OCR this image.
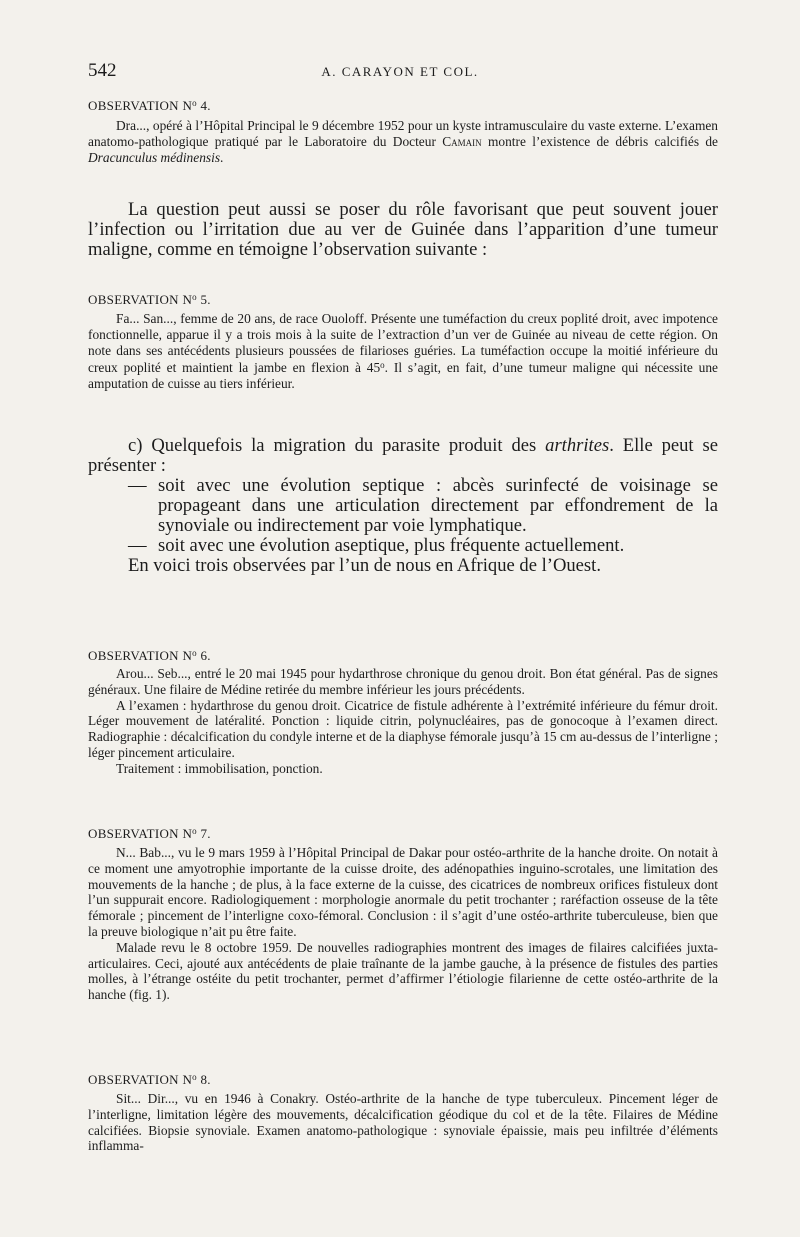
542	A. CARAYON ET COL.
OBSERVATION $N^o$ 4.
Dra..., opéré à l’Hôpital Principal le 9 décembre 1952 pour un kyste intramusculaire du vaste externe. L’examen anatomo-pathologique pratiqué par le Laboratoire du Docteur Camain montre l’existence de débris calcifiés de Dracunculus médinensis.

La question peut aussi se poser du rôle favorisant que peut souvent jouer l’infection ou l’irritation due au ver de Guinée dans l’apparition d’une tumeur maligne, comme en témoigne l’observation suivante :

OBSERVATION $N^o$ 5.
Fa... San..., femme de 20 ans, de race Ouoloff. Présente une tuméfaction du creux poplité droit, avec impotence fonctionnelle, apparue il y a trois mois à la suite de l’extraction d’un ver de Guinée au niveau de cette région. On note dans ses antécédents plusieurs poussées de filarioses guéries. La tuméfaction occupe la moitié inférieure du creux poplité et maintient la jambe en flexion à 45$^o$. Il s’agit, en fait, d’une tumeur maligne qui nécessite une amputation de cuisse au tiers inférieur.

c) Quelquefois la migration du parasite produit des arthrites. Elle peut se présenter :

— soit avec une évolution septique : abcès surinfecté de voisinage se propageant dans une articulation directement par effondrement de la synoviale ou indirectement par voie lymphatique.
— soit avec une évolution aseptique, plus fréquente actuellement.

En voici trois observées par l’un de nous en Afrique de l’Ouest.

OBSERVATION $N^o$ 6.

Arou... Seb..., entré le 20 mai 1945 pour hydarthrose chronique du genou droit. Bon état général. Pas de signes généraux. Une filaire de Médine retirée du membre inférieur les jours précédents.

A l’examen : hydarthrose du genou droit. Cicatrice de fistule adhérente à l’extrémité inférieure du fémur droit. Léger mouvement de latéralité. Ponction : liquide citrin, polynucléaires, pas de gonocoque à l’examen direct. Radiographie : décalcification du condyle interne et de la diaphyse fémorale jusqu’à 15 cm au-dessus de l’interligne ; léger pincement articulaire.

Traitement : immobilisation, ponction.

OBSERVATION $N^o$ 7.

N... Bab..., vu le 9 mars 1959 à l’Hôpital Principal de Dakar pour ostéo-arthrite de la hanche droite. On notait à ce moment une amyotrophie importante de la cuisse droite, des adénopathies inguino-scrotales, une limitation des mouvements de la hanche ; de plus, à la face externe de la cuisse, des cicatrices de nombreux orifices fistuleux dont l’un suppurait encore. Radiologiquement : morphologie anormale du petit trochanter ; raréfaction osseuse de la tête fémorale ; pincement de l’interligne coxo-fémoral. Conclusion : il s’agit d’une ostéo-arthrite tuberculeuse, bien que la preuve biologique n’ait pu être faite.

Malade revu le 8 octobre 1959. De nouvelles radiographies montrent des images de filaires calcifiées juxta-articulaires. Ceci, ajouté aux antécédents de plaie traînante de la jambe gauche, à la présence de fistules des parties molles, à l’étrange ostéite du petit trochanter, permet d’affirmer l’étiologie filarienne de cette ostéo-arthrite de la hanche (fig. 1).

OBSERVATION $N^o$ 8.

Sit... Dir..., vu en 1946 à Conakry. Ostéo-arthrite de la hanche de type tuberculeux. Pincement léger de l’interligne, limitation légère des mouvements, décalcification géodique du col et de la tête. Filaires de Médine calcifiées. Biopsie synoviale. Examen anatomo-pathologique : synoviale épaissie, mais peu infiltrée d’éléments inflamma-
